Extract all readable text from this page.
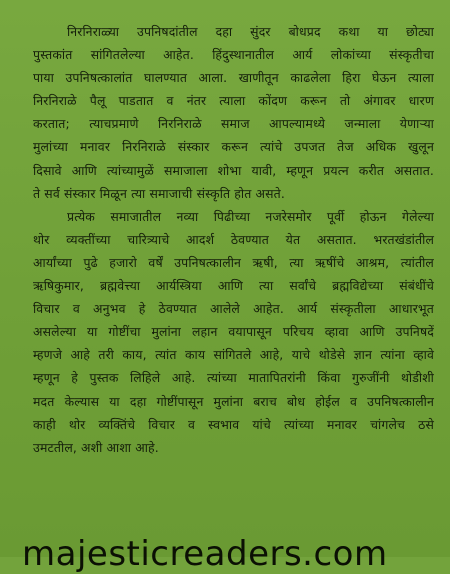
निरनिराळ्या उपनिषदांतील दहा सुंदर बोधप्रद कथा या छोट्या
पुस्तकांत सांगितलेल्या आहेत. हिंदुस्थानातील आर्य लोकांच्या संस्कृतीचा
पाया उपनिषत्कालांत घालण्यात आला. खाणीतून काढलेला हिरा घेऊन त्याला
निरनिराळे पैलू पाडतात व नंतर त्याला कोंदण करून तो अंगावर धारण
करतात; त्याचप्रमाणे निरनिराळे समाज आपल्यामध्ये जन्माला येणाऱ्या
मुलांच्या मनावर निरनिराळे संस्कार करून त्यांचे उपजत तेज अधिक खुलून
दिसावे आणि त्यांच्यामुळें समाजाला शोभा यावी, म्हणून प्रयत्न करीत असतात.
ते सर्व संस्कार मिळून त्या समाजाची संस्कृति होत असते.

प्रत्येक समाजातील नव्या पिढीच्या नजरेसमोर पूर्वी होऊन गेलेल्या
थोर व्यक्तींच्या चारित्र्याचे आदर्श ठेवण्यात येत असतात. भरतखंडांतील
आर्यांच्या पुढे हजारो वर्षें उपनिषत्कालीन ऋषी, त्या ऋषींचे आश्रम, त्यांतील
ऋषिकुमार, ब्रह्मवेत्त्या आर्यस्त्रिया आणि त्या सर्वांचे ब्रह्मविद्येच्या संबंधींचे
विचार व अनुभव हे ठेवण्यात आलेले आहेत. आर्य संस्कृतीला आधारभूत
असलेल्या या गोष्टींचा मुलांना लहान वयापासून परिचय व्हावा आणि उपनिषदें
म्हणजे आहे तरी काय, त्यांत काय सांगितले आहे, याचे थोडेसे ज्ञान त्यांना व्हावे
म्हणून हे पुस्तक लिहिले आहे. त्यांच्या मातापितरांनी किंवा गुरुजींनी थोडीशी
मदत केल्यास या दहा गोष्टींपासून मुलांना बराच बोध होईल व उपनिषत्कालीन
काही थोर व्यक्तिंचे विचार व स्वभाव यांचे त्यांच्या मनावर चांगलेच ठसे
उमटतील, अशी आशा आहे.

majesticreaders.com
